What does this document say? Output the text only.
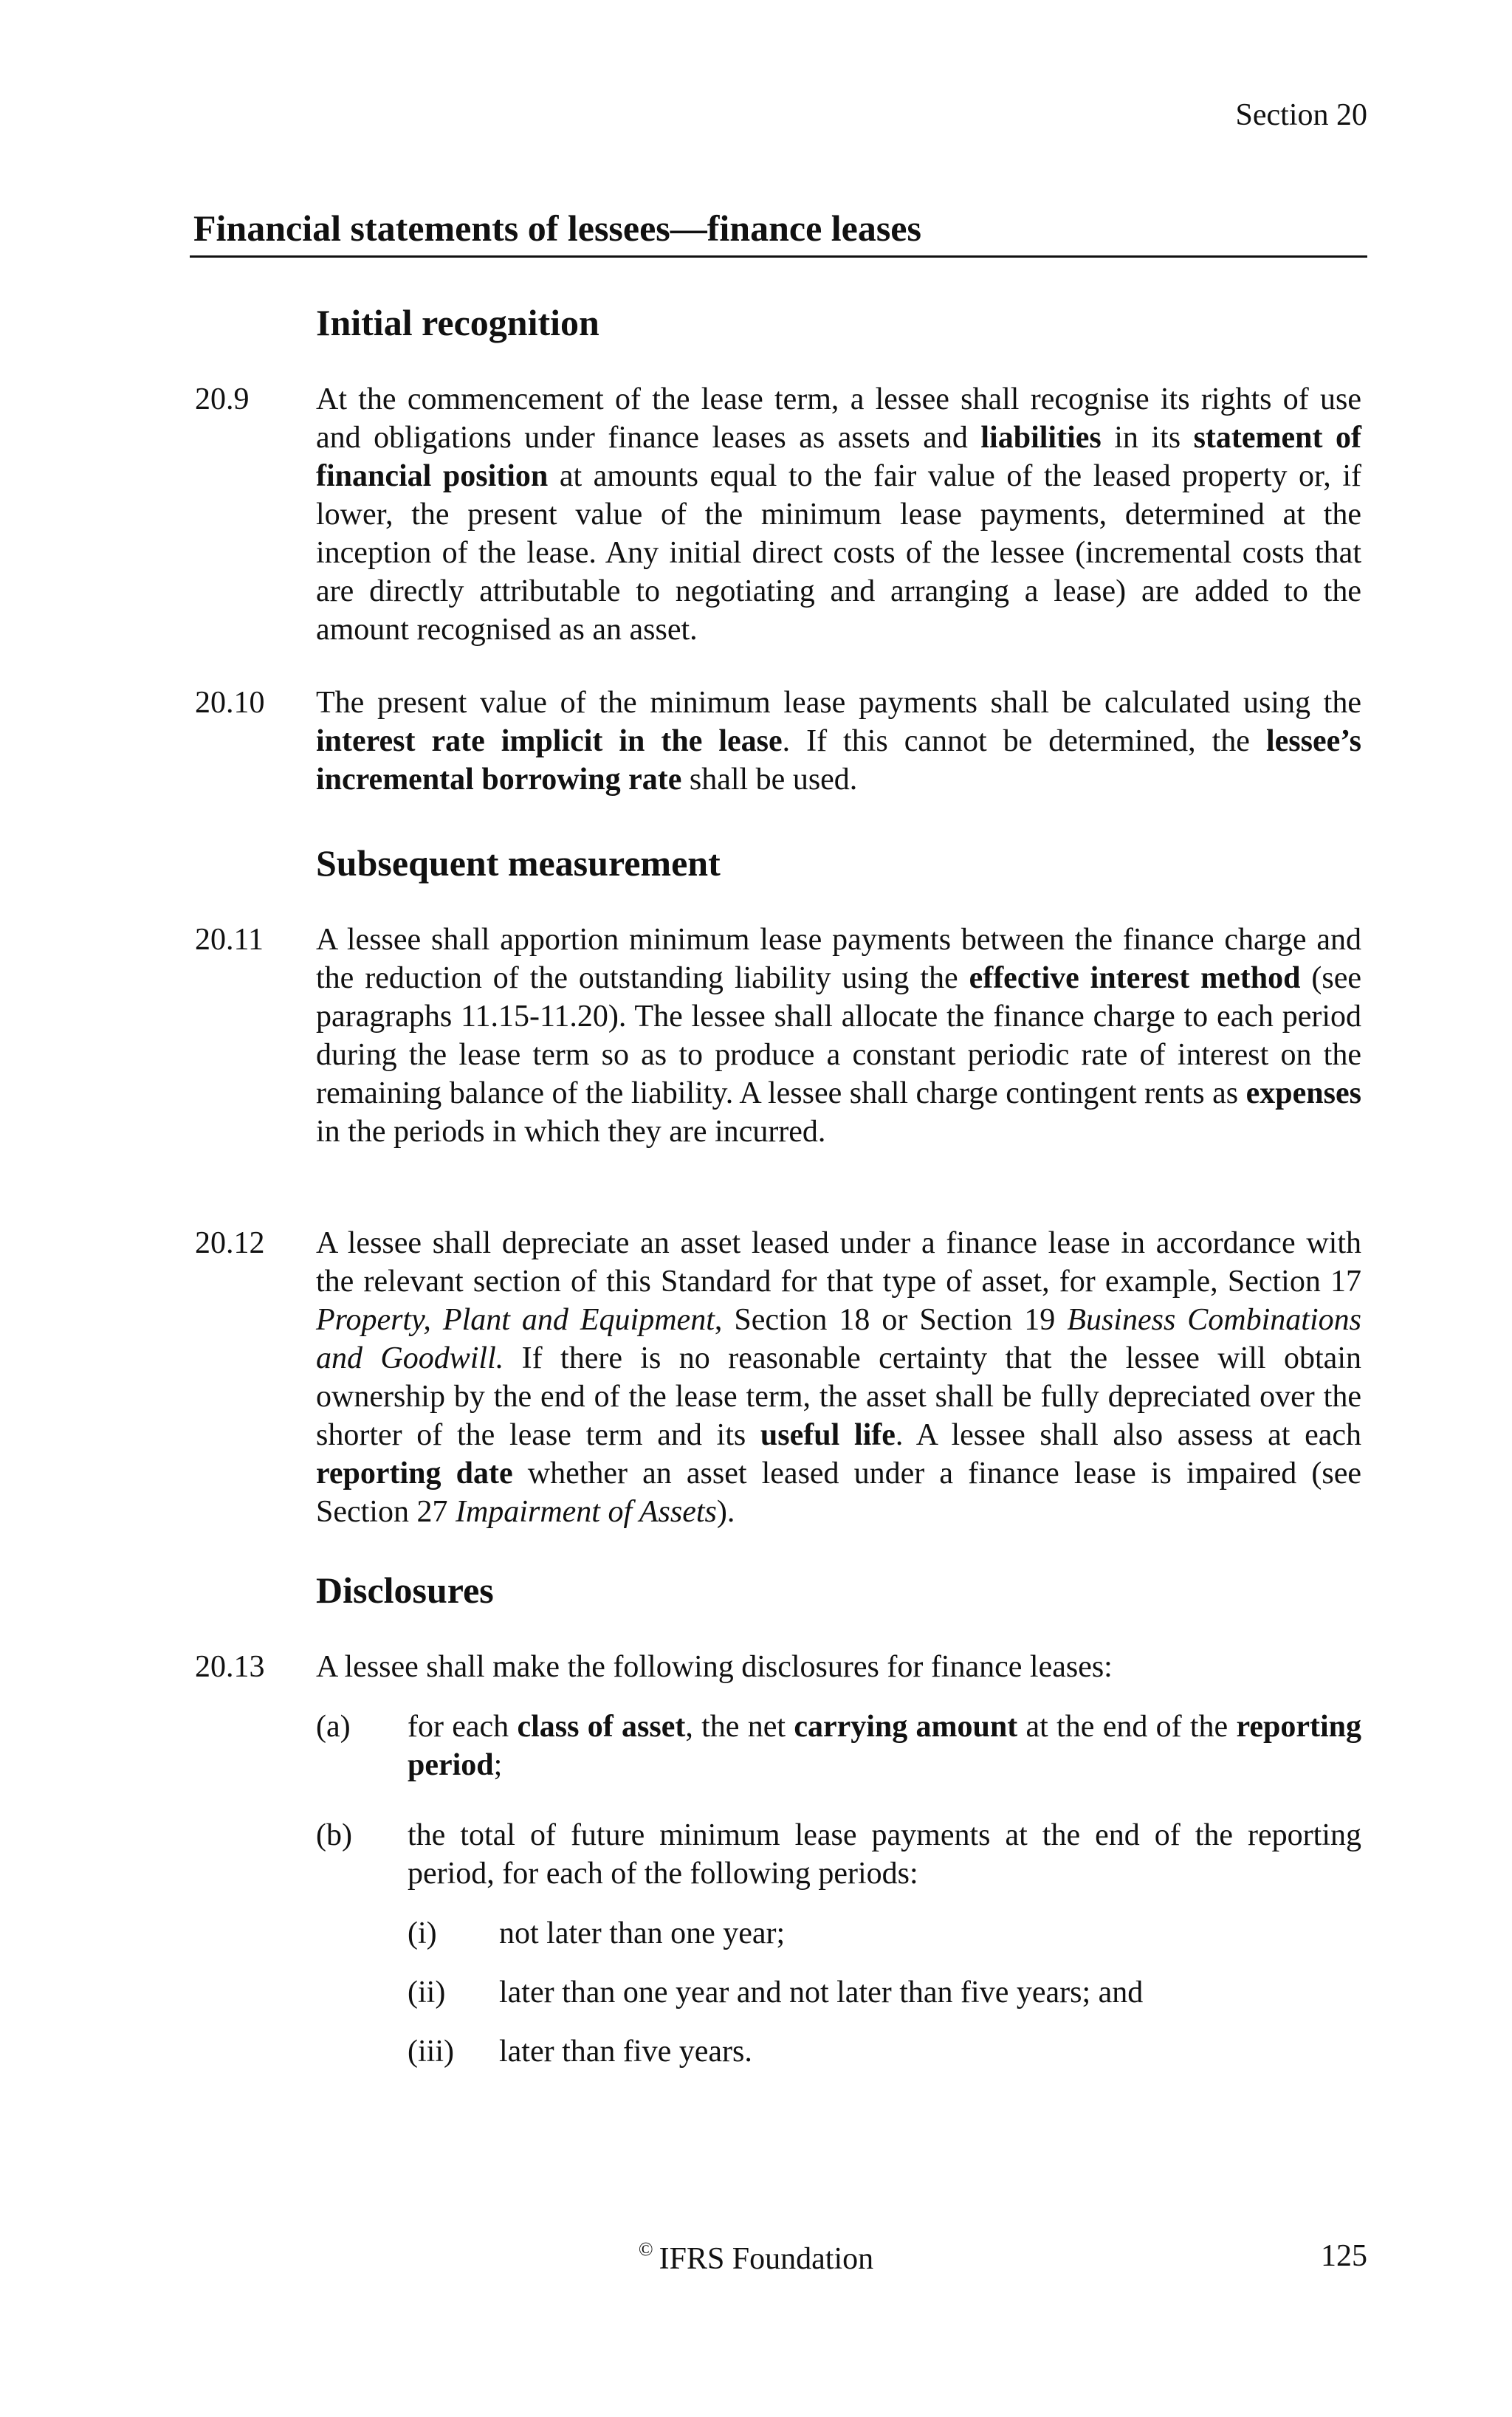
Section 20
Financial statements of lessees—finance leases
Initial recognition
20.9 At the commencement of the lease term, a lessee shall recognise its rights of use and obligations under finance leases as assets and liabilities in its statement of financial position at amounts equal to the fair value of the leased property or, if lower, the present value of the minimum lease payments, determined at the inception of the lease. Any initial direct costs of the lessee (incremental costs that are directly attributable to negotiating and arranging a lease) are added to the amount recognised as an asset.
20.10 The present value of the minimum lease payments shall be calculated using the interest rate implicit in the lease. If this cannot be determined, the lessee’s incremental borrowing rate shall be used.
Subsequent measurement
20.11 A lessee shall apportion minimum lease payments between the finance charge and the reduction of the outstanding liability using the effective interest method (see paragraphs 11.15-11.20). The lessee shall allocate the finance charge to each period during the lease term so as to produce a constant periodic rate of interest on the remaining balance of the liability. A lessee shall charge contingent rents as expenses in the periods in which they are incurred.
20.12 A lessee shall depreciate an asset leased under a finance lease in accordance with the relevant section of this Standard for that type of asset, for example, Section 17 Property, Plant and Equipment, Section 18 or Section 19 Business Combinations and Goodwill. If there is no reasonable certainty that the lessee will obtain ownership by the end of the lease term, the asset shall be fully depreciated over the shorter of the lease term and its useful life. A lessee shall also assess at each reporting date whether an asset leased under a finance lease is impaired (see Section 27 Impairment of Assets).
Disclosures
20.13 A lessee shall make the following disclosures for finance leases:
(a) for each class of asset, the net carrying amount at the end of the reporting period;
(b) the total of future minimum lease payments at the end of the reporting period, for each of the following periods:
(i) not later than one year;
(ii) later than one year and not later than five years; and
(iii) later than five years.
© IFRS Foundation	125
